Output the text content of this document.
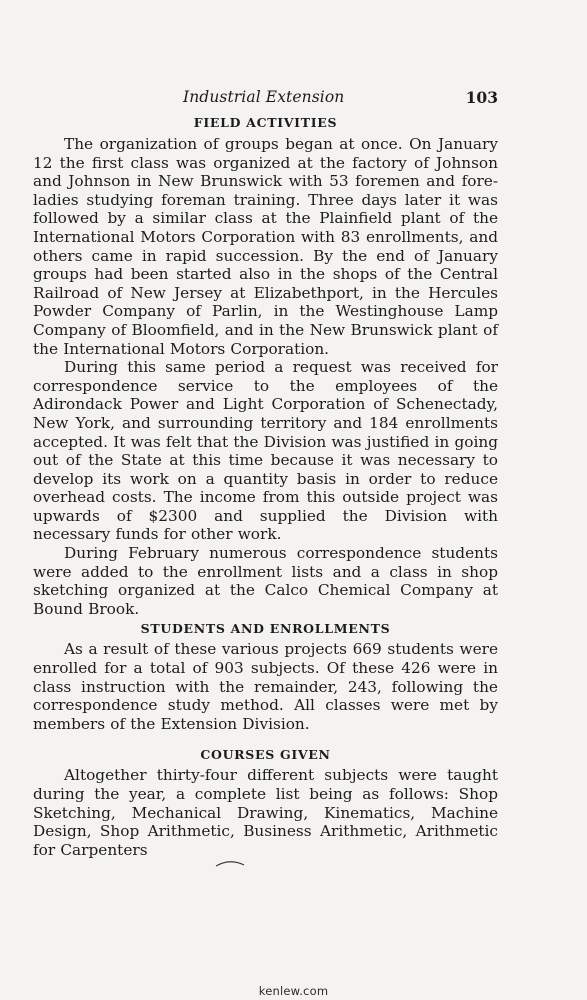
Industrial Extension	103
FIELD ACTIVITIES

The organization of groups began at once. On January 12 the first class was organized at the factory of Johnson and Johnson in New Brunswick with 53 foremen and fore-ladies studying foreman training. Three days later it was followed by a similar class at the Plainfield plant of the International Motors Corporation with 83 enrollments, and others came in rapid succession. By the end of January groups had been started also in the shops of the Central Railroad of New Jersey at Elizabethport, in the Hercules Powder Company of Parlin, in the Westinghouse Lamp Company of Bloomfield, and in the New Brunswick plant of the International Motors Corporation.

During this same period a request was received for correspondence service to the employees of the Adirondack Power and Light Corporation of Schenectady, New York, and surrounding territory and 184 enrollments accepted. It was felt that the Division was justified in going out of the State at this time because it was necessary to develop its work on a quantity basis in order to reduce overhead costs. The income from this outside project was upwards of $2300 and supplied the Division with necessary funds for other work.

During February numerous correspondence students were added to the enrollment lists and a class in shop sketching organized at the Calco Chemical Company at Bound Brook.

STUDENTS AND ENROLLMENTS

As a result of these various projects 669 students were enrolled for a total of 903 subjects. Of these 426 were in class instruction with the remainder, 243, following the correspondence study method. All classes were met by members of the Extension Division.

COURSES GIVEN

Altogether thirty-four different subjects were taught during the year, a complete list being as follows: Shop Sketching, Mechanical Drawing, Kinematics, Machine Design, Shop Arithmetic, Business Arithmetic, Arithmetic for Carpenters

kenlew.com
